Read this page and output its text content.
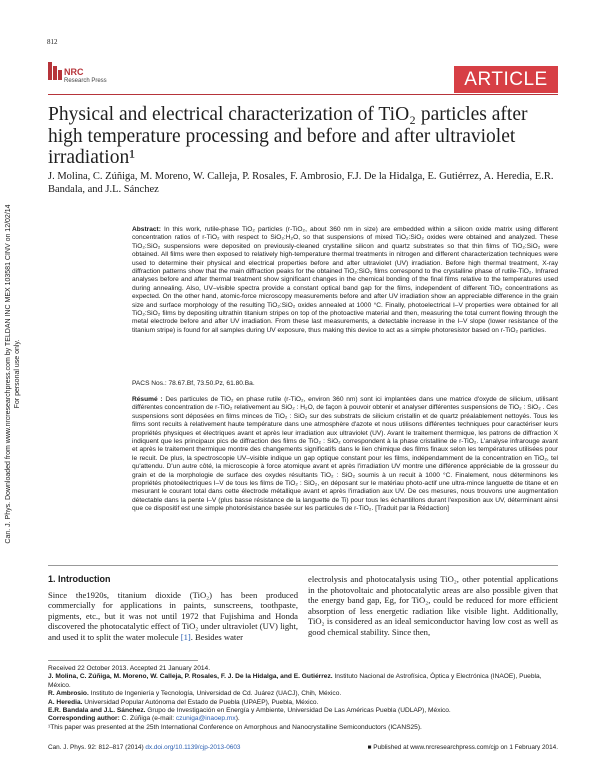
812
NRC
Research Press	ARTICLE
Physical and electrical characterization of TiO₂ particles after high temperature processing and before and after ultraviolet irradiation¹
J. Molina, C. Zúñiga, M. Moreno, W. Calleja, P. Rosales, F. Ambrosio, F.J. De la Hidalga, E. Gutiérrez, A. Heredia, E.R. Bandala, and J.L. Sánchez
Can. J. Phys. Downloaded from www.nrcresearchpress.com by TELDAN INC MEX 103581 CINV on 12/02/14 For personal use only.
Abstract: In this work, rutile-phase TiO₂ particles (r-TiO₂, about 360 nm in size) are embedded within a silicon oxide matrix using different concentration ratios of r-TiO₂ with respect to SiO₂:H₂O, so that suspensions of mixed TiO₂:SiO₂ oxides were obtained and analyzed. These TiO₂:SiO₂ suspensions were deposited on previously-cleaned crystalline silicon and quartz substrates so that thin films of TiO₂:SiO₂ were obtained. All films were then exposed to relatively high-temperature thermal treatments in nitrogen and different characterization techniques were used to determine their physical and electrical properties before and after ultraviolet (UV) irradiation. Before high thermal treatment, X-ray diffraction patterns show that the main diffraction peaks for the obtained TiO₂:SiO₂ films correspond to the crystalline phase of rutile-TiO₂. Infrared analyses before and after thermal treatment show significant changes in the chemical bonding of the final films relative to the temperatures used during annealing. Also, UV–visible spectra provide a constant optical band gap for the films, independent of different TiO₂ concentrations as expected. On the other hand, atomic-force microscopy measurements before and after UV irradiation show an appreciable difference in the grain size and surface morphology of the resulting TiO₂:SiO₂ oxides annealed at 1000 °C. Finally, photoelectrical I–V properties were obtained for all TiO₂:SiO₂ films by depositing ultrathin titanium stripes on top of the photoactive material and then, measuring the total current flowing through the metal electrode before and after UV irradiation. From these last measurements, a detectable increase in the I–V slope (lower resistance of the titanium stripe) is found for all samples during UV exposure, thus making this device to act as a simple photoresistor based on r-TiO₂ particles.
PACS Nos.: 78.67.Bf, 73.50.Pz, 61.80.Ba.
Résumé : Des particules de TiO₂ en phase rutile (r-TiO₂, environ 360 nm) sont ici implantées dans une matrice d'oxyde de silicium, utilisant différentes concentration de r-TiO₂ relativement au SiO₂ : H₂O, de façon à pouvoir obtenir et analyser différentes suspensions de TiO₂ : SiO₂ . Ces suspensions sont déposées en films minces de TiO₂ : SiO₂ sur des substrats de silicium cristallin et de quartz préalablement nettoyés. Tous les films sont recuits à relativement haute température dans une atmosphère d'azote et nous utilisons différentes techniques pour caractériser leurs propriétés physiques et électriques avant et après leur irradiation aux ultraviolet (UV). Avant le traitement thermique, les patrons de diffraction X indiquent que les principaux pics de diffraction des films de TiO₂ : SiO₂ correspondent à la phase cristalline de r-TiO₂. L'analyse infrarouge avant et après le traitement thermique montre des changements significatifs dans le lien chimique des films finaux selon les températures utilisées pour le recuit. De plus, la spectroscopie UV–visible indique un gap optique constant pour les films, indépendamment de la concentration en TiO₂, tel qu'attendu. D'un autre côté, la microscopie à force atomique avant et après l'irradiation UV montre une différence appréciable de la grosseur du grain et de la morphologie de surface des oxydes résultants TiO₂ : SiO₂ soumis à un recuit à 1000 °C. Finalement, nous déterminons les propriétés photoélectriques I–V de tous les films de TiO₂ : SiO₂, en déposant sur le matériau photo-actif une ultra-mince languette de titane et en mesurant le courant total dans cette électrode métallique avant et après l'irradiation aux UV. De ces mesures, nous trouvons une augmentation détectable dans la pente I–V (plus basse résistance de la languette de Ti) pour tous les échantillons durant l'exposition aux UV, déterminant ainsi que ce dispositif est une simple photorésistance basée sur les particules de r-TiO₂. [Traduit par la Rédaction]
1. Introduction
Since the1920s, titanium dioxide (TiO₂) has been produced commercially for applications in paints, sunscreens, toothpaste, pigments, etc., but it was not until 1972 that Fujishima and Honda discovered the photocatalytic effect of TiO₂ under ultraviolet (UV) light, and used it to split the water molecule [1]. Besides water
electrolysis and photocatalysis using TiO₂, other potential applications in the photovoltaic and photocatalytic areas are also possible given that the energy band gap, Eg, for TiO₂, could be reduced for more efficient absorption of less energetic radiation like visible light. Additionally, TiO₂ is considered as an ideal semiconductor having low cost as well as good chemical stability. Since then,
Received 22 October 2013. Accepted 21 January 2014.
J. Molina, C. Zúñiga, M. Moreno, W. Calleja, P. Rosales, F. J. De la Hidalga, and E. Gutiérrez. Instituto Nacional de Astrofísica, Óptica y Electrónica (INAOE), Puebla, México.
R. Ambrosio. Instituto de Ingeniería y Tecnología, Universidad de Cd. Juárez (UACJ), Chih, México.
A. Heredia. Universidad Popular Autónoma del Estado de Puebla (UPAEP), Puebla, México.
E.R. Bandala and J.L. Sánchez. Grupo de Investigación en Energía y Ambiente, Universidad De Las Américas Puebla (UDLAP), México.
Corresponding author: C. Zúñiga (e-mail: czuniga@inaoep.mx).
¹This paper was presented at the 25th International Conference on Amorphous and Nanocrystalline Semiconductors (ICANS25).
Can. J. Phys. 92: 812–817 (2014) dx.doi.org/10.1139/cjp-2013-0603	■ Published at www.nrcresearchpress.com/cjp on 1 February 2014.
